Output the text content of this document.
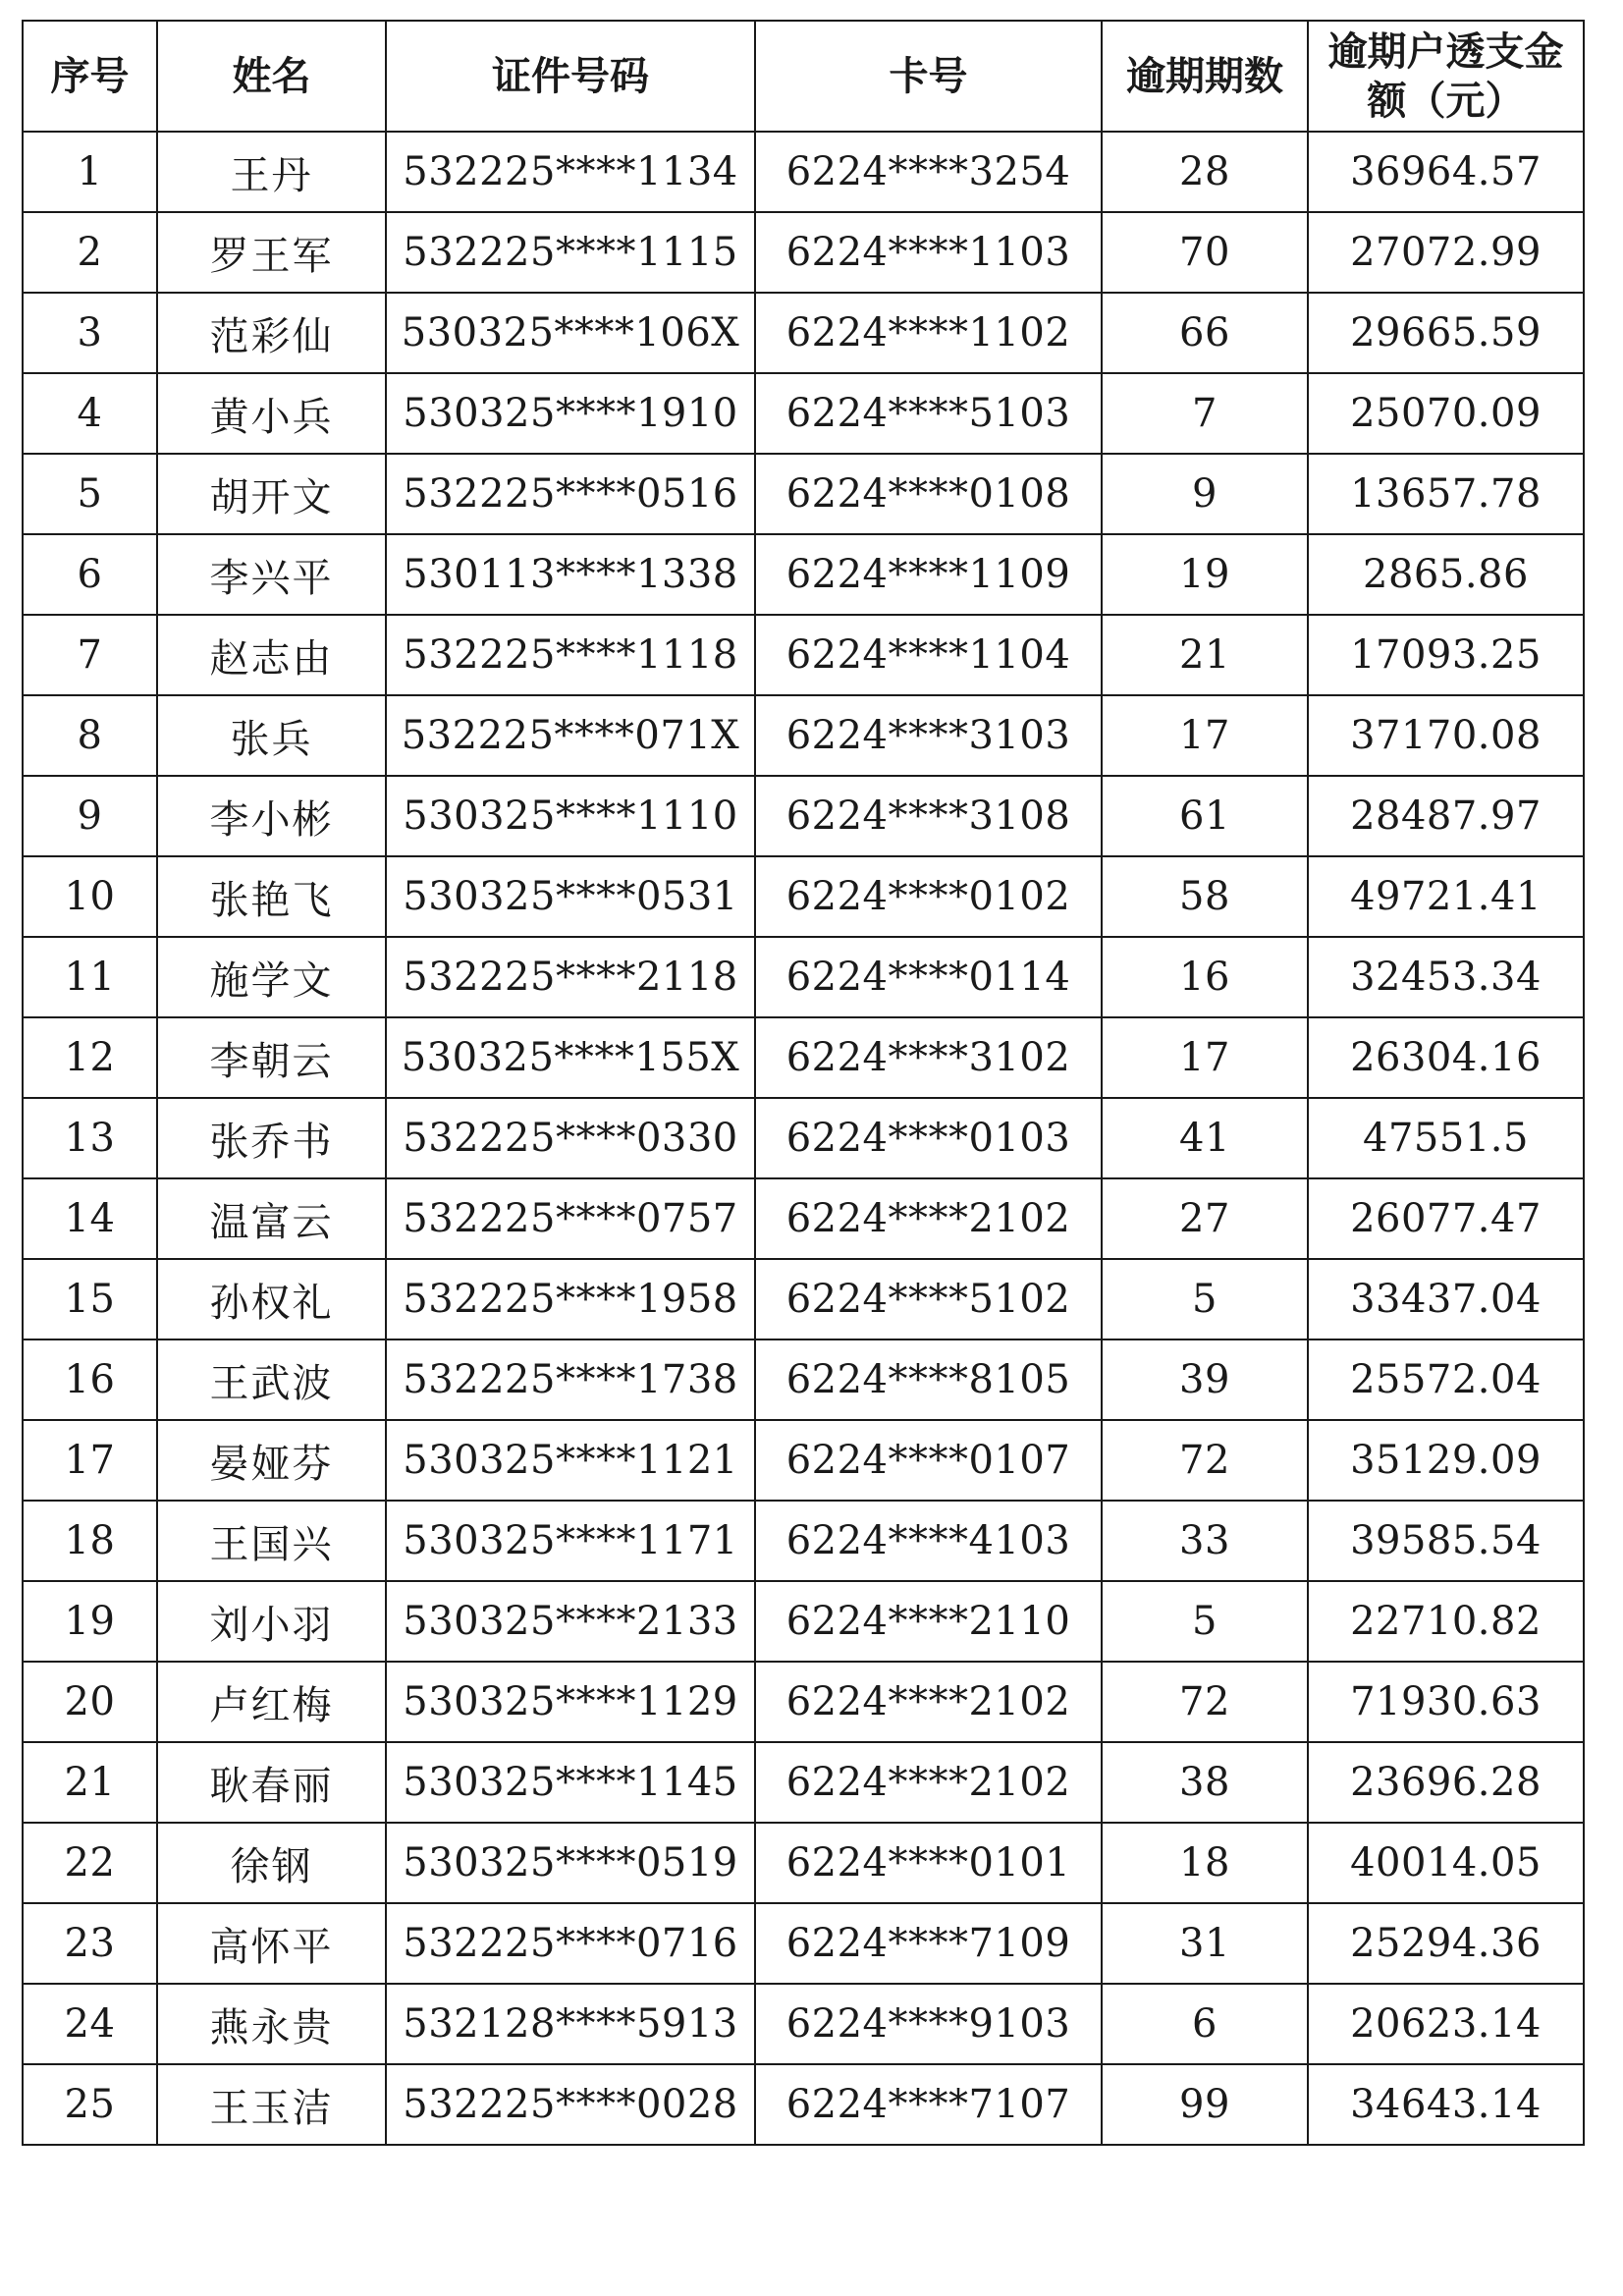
序号	姓名	证件号码	卡号	逾期期数	逾期户透支金额（元）
1	王丹	532225****1134	6224****3254	28	36964.57
2	罗王军	532225****1115	6224****1103	70	27072.99
3	范彩仙	530325****106X	6224****1102	66	29665.59
4	黄小兵	530325****1910	6224****5103	7	25070.09
5	胡开文	532225****0516	6224****0108	9	13657.78
6	李兴平	530113****1338	6224****1109	19	2865.86
7	赵志由	532225****1118	6224****1104	21	17093.25
8	张兵	532225****071X	6224****3103	17	37170.08
9	李小彬	530325****1110	6224****3108	61	28487.97
10	张艳飞	530325****0531	6224****0102	58	49721.41
11	施学文	532225****2118	6224****0114	16	32453.34
12	李朝云	530325****155X	6224****3102	17	26304.16
13	张乔书	532225****0330	6224****0103	41	47551.5
14	温富云	532225****0757	6224****2102	27	26077.47
15	孙权礼	532225****1958	6224****5102	5	33437.04
16	王武波	532225****1738	6224****8105	39	25572.04
17	晏娅芬	530325****1121	6224****0107	72	35129.09
18	王国兴	530325****1171	6224****4103	33	39585.54
19	刘小羽	530325****2133	6224****2110	5	22710.82
20	卢红梅	530325****1129	6224****2102	72	71930.63
21	耿春丽	530325****1145	6224****2102	38	23696.28
22	徐钢	530325****0519	6224****0101	18	40014.05
23	高怀平	532225****0716	6224****7109	31	25294.36
24	燕永贵	532128****5913	6224****9103	6	20623.14
25	王玉洁	532225****0028	6224****7107	99	34643.14
